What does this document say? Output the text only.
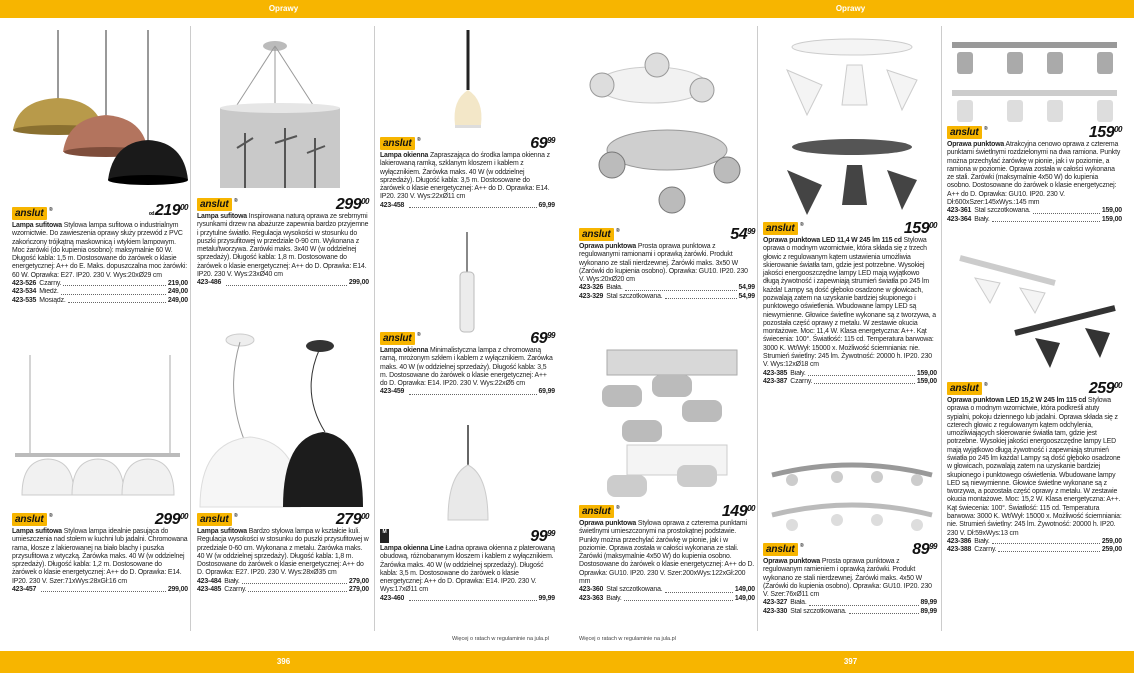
Oprawy
anslut ®	$od219^{00}$
Lampa sufitowa Stylowa lampa sufitowa o industrialnym wzornictwie. Do zawieszenia oprawy służy przewód z PVC zakończony trójkątną maskownicą i wtykiem lampowym. Moc żarówki (do kupienia osobno): maksymalnie 60 W. Długość kabla: 1,5 m. Dostosowane do żarówek o klasie energetycznej: A++ do E. Maks. dopuszczalna moc żarówki: 60 W. Oprawka: E27. IP20. 230 V. Wys:20xØ29 cm
423-526 Czarny.	219,00
423-534 Miedź.	249,00
423-535 Mosiądz.	249,00
anslut ®	$299^{00}$
Lampa sufitowa Inspirowana naturą oprawa ze srebrnymi rysunkami drzew na abażurze zapewnia bardzo przyjemne i przytulne światło. Regulacja wysokości w stosunku do puszki przysufitowej w przedziale 0-90 cm. Wykonana z metalu/tworzywa. Żarówki maks. 3x40 W (w oddzielnej sprzedaży). Długość kabla: 1,8 m. Dostosowane do żarówek o klasie energetycznej: A++ do D. Oprawka: E14. IP20. 230 V. Wys:23xØ40 cm
423-486	299,00
anslut ®	$69^{99}$
Lampa okienna Zapraszająca do środka lampa okienna z lakierowaną ramką, szklanym kloszem i kablem z wyłącznikiem. Żarówka maks. 40 W (w oddzielnej sprzedaży). Długość kabla: 3,5 m. Dostosowane do żarówek o klasie energetycznej: A++ do D. Oprawka: E14. IP20. 230 V. Wys:22xØ11 cm
423-458	69,99
anslut ®	$69^{99}$
Lampa okienna Minimalistyczna lampa z chromowaną ramą, mrożonym szkłem i kablem z wyłącznikiem. Żarówka maks. 40 W (w oddzielnej sprzedaży). Długość kabla: 3,5 m. Dostosowane do żarówek o klasie energetycznej: A++ do D. Oprawka: E14. IP20. 230 V. Wys:22xØ5 cm
423-459	69,99
anslut ®	$299^{00}$
Lampa sufitowa Stylowa lampa idealnie pasująca do umieszczenia nad stołem w kuchni lub jadalni. Chromowana rama, klosze z lakierowanej na biało blachy i puszka przysufitowa z wtyczką. Żarówka maks. 40 W (w oddzielnej sprzedaży). Długość kabla: 1,2 m. Dostosowane do żarówek o klasie energetycznej: A++ do D. Oprawka: E14. IP20. 230 V. Szer:71xWys:28xGł:16 cm
423-457	299,00
anslut ®	$279^{00}$
Lampa sufitowa Bardzo stylowa lampa w kształcie kuli. Regulacja wysokości w stosunku do puszki przysufitowej w przedziale 0-60 cm. Wykonana z metalu. Żarówka maks. 40 W (w oddzielnej sprzedaży). Długość kabla: 1,8 m. Dostosowane do żarówek o klasie energetycznej: A++ do D. Oprawka: E27. IP20. 230 V. Wys:28xØ35 cm
423-484 Biały.	279,00
423-485 Czarny.	279,00
M	$99^{99}$
Lampa okienna Line Ładna oprawa okienna z platerowaną obudową, różnobarwnym kloszem i kablem z wyłącznikiem. Żarówka maks. 40 W (w oddzielnej sprzedaży). Długość kabla: 3,5 m. Dostosowane do żarówek o klasie energetycznej: A++ do D. Oprawka: E14. IP20. 230 V. Wys:17xØ11 cm
423-460	99,99
Więcej o ratach w regulaminie na jula.pl
396
Oprawy
anslut ®	$54^{99}$
Oprawa punktowa Prosta oprawa punktowa z regulowanymi ramionami i oprawką żarówki. Produkt wykonano ze stali nierdzewnej. Żarówki maks. 3x50 W (Żarówki do kupienia osobno). Oprawka: GU10. IP20. 230 V. Wys:20xØ20 cm
423-326 Biała.	54,99
423-329 Stal szczotkowana.	54,99
anslut ®	$149^{00}$
Oprawa punktowa Stylowa oprawa z czterema punktami świetlnymi umieszczonymi na prostokątnej podstawie. Punkty można przechylać żarówkę w pionie, jak i w poziomie. Oprawa została w całości wykonana ze stali. Żarówki (maksymalnie 4x50 W) do kupienia osobno. Dostosowane do żarówek o klasie energetycznej: A++ do D. Oprawka: GU10. IP20. 230 V. Szer:200xWys:122xGł:200 mm
423-360 Stal szczotkowana.	149,00
423-363 Biały.	149,00
anslut ®	$159^{00}$
Oprawa punktowa LED 11,4 W 245 lm 115 cd Stylowa oprawa o modnym wzornictwie, która składa się z trzech głowic z regulowanym kątem ustawienia umożliwia skierowanie światła tam, gdzie jest potrzebne. Wysokiej jakości energooszczędne lampy LED mają wyjątkowo długą żywotność i zapewniają strumień światła po 245 lm każda! Lampy są dość głęboko osadzone w głowicach, pozwalają zatem na uzyskanie bardziej skupionego i punktowego oświetlenia. Wbudowane lampy LED są niewymienne. Głowice świetlne wykonane są z tworzywa, a pozostała część oprawy z metalu. W zestawie okucia montażowe. Moc: 11,4 W. Klasa energetyczna: A++. Kąt świecenia: 100°. Światłość: 115 cd. Temperatura barwowa: 3000 K. Wt/Wył: 15000 x. Możliwość ściemniania: nie. Strumień świetlny: 245 lm. Żywotność: 20000 h. IP20. 230 V. Wys:12xØ18 cm
423-385 Biały.	159,00
423-387 Czarny.	159,00
anslut ®	$89^{99}$
Oprawa punktowa Prosta oprawa punktowa z regulowanym ramieniem i oprawką żarówki. Produkt wykonano ze stali nierdzewnej. Żarówki maks. 4x50 W (Żarówki do kupienia osobno). Oprawka: GU10. IP20. 230 V. Szer:76xØ11 cm
423-327 Biała.	89,99
423-330 Stal szczotkowana.	89,99
anslut ®	$159^{00}$
Oprawa punktowa Atrakcyjna cenowo oprawa z czterema punktami świetlnymi rozdzielonymi na dwa ramiona. Punkty można przechylać żarówkę w pionie, jak i w poziomie, a ramiona w poziomie. Oprawa została w całości wykonana ze stali. Żarówki (maksymalnie 4x50 W) do kupienia osobno. Dostosowane do żarówek o klasie energetycznej: A++ do D. Oprawka: GU10. IP20. 230 V. Dł:600xSzer:145xWys.:145 mm
423-361 Stal szczotkowana.	159,00
423-364 Biały.	159,00
anslut ®	$259^{00}$
Oprawa punktowa LED 15,2 W 245 lm 115 cd Stylowa oprawa o modnym wzornictwie, która podkreśli atuty sypialni, pokoju dziennego lub jadalni. Oprawa składa się z czterech głowic z regulowanym kątem odchylenia, umożliwiających skierowanie światła tam, gdzie jest potrzebne. Wysokiej jakości energooszczędne lampy LED mają wyjątkowo długą żywotność i zapewniają strumień światła po 245 lm każda! Lampy są dość głęboko osadzone w głowicach, pozwalają zatem na uzyskanie bardziej skupionego i punktowego oświetlenia. Wbudowane lampy LED są niewymienne. Głowice świetlne wykonane są z tworzywa, a pozostała część oprawy z metalu. W zestawie okucia montażowe. Moc: 15,2 W. Klasa energetyczna: A++. Kąt świecenia: 100°. Światłość: 115 cd. Temperatura barwowa: 3000 K. Wt/Wył: 15000 x. Możliwość ściemniania: nie. Strumień świetlny: 245 lm. Żywotność: 20000 h. IP20. 230 V. Dł:59xWys:13 cm
423-386 Biały.	259,00
423-388 Czarny.	259,00
Więcej o ratach w regulaminie na jula.pl
397
